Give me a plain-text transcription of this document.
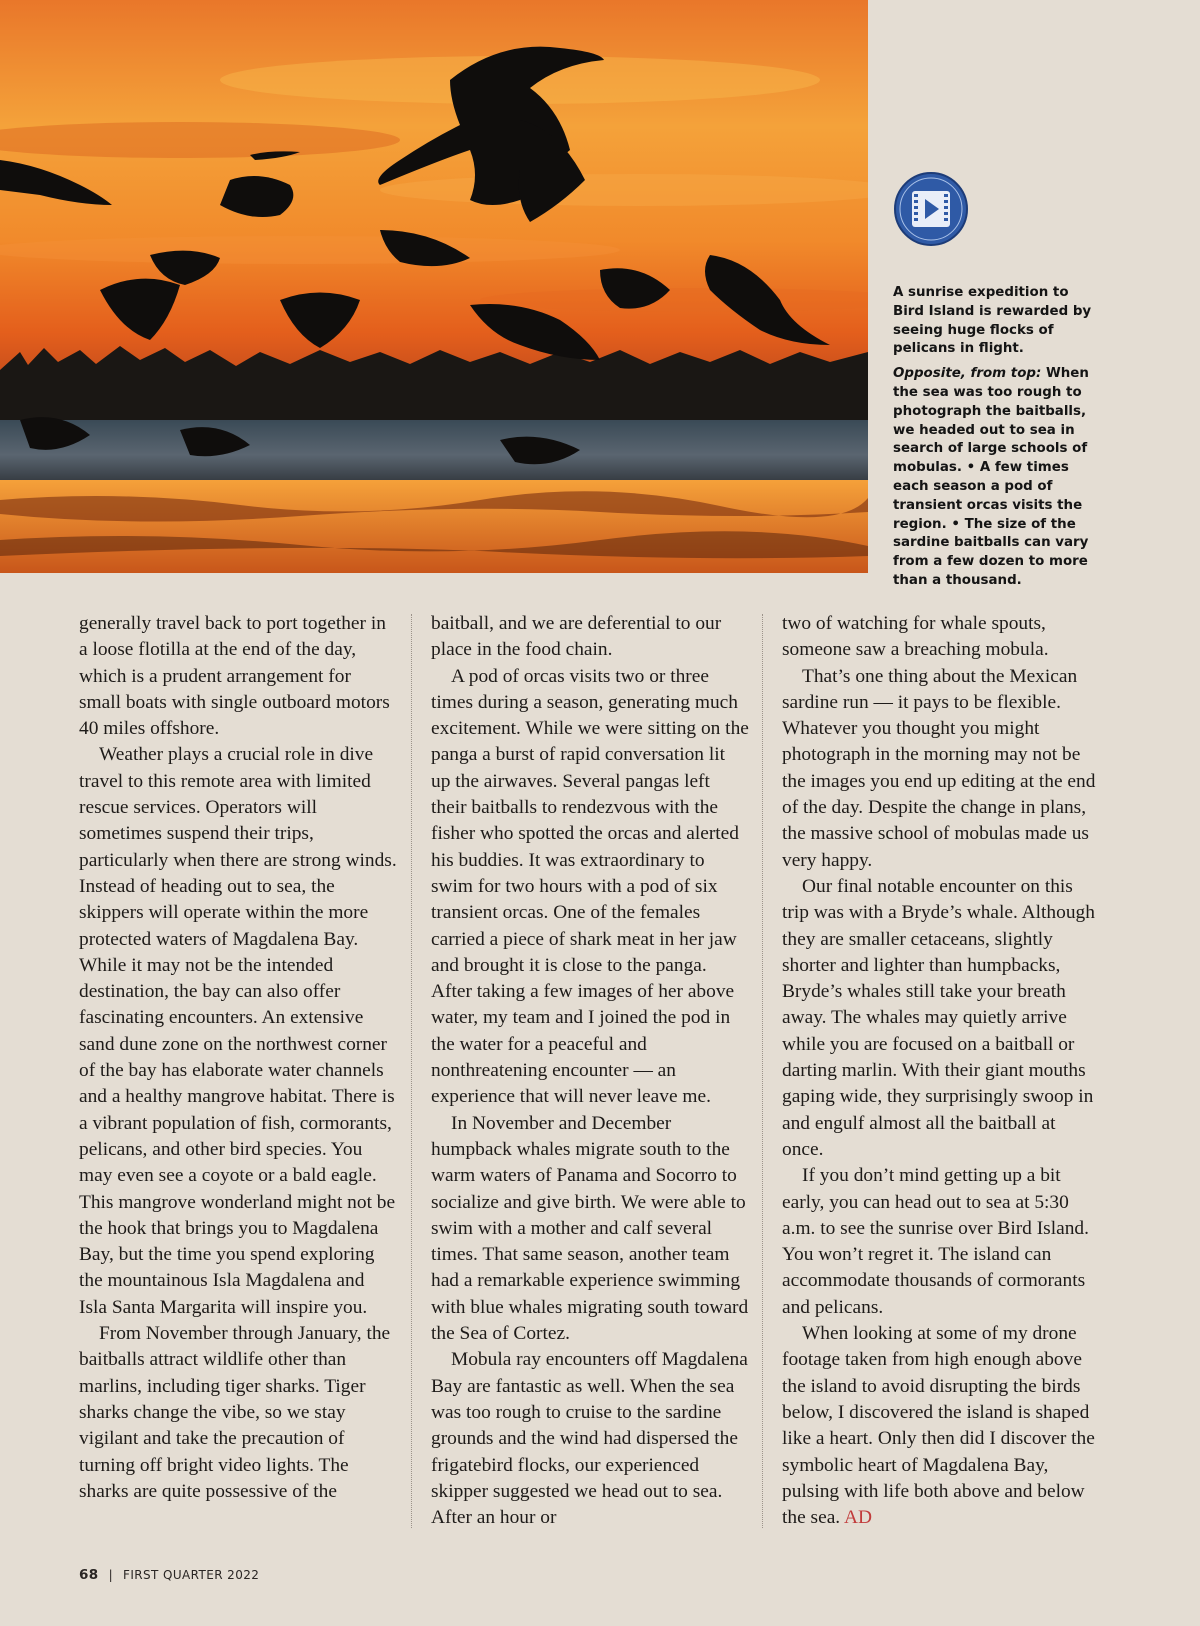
A sunrise expedition to Bird Island is rewarded by seeing huge flocks of pelicans in flight.

Opposite, from top: When the sea was too rough to photograph the baitballs, we headed out to sea in search of large schools of mobulas. • A few times each season a pod of transient orcas visits the region. • The size of the sardine baitballs can vary from a few dozen to more than a thousand.

generally travel back to port together in a loose flotilla at the end of the day, which is a prudent arrangement for small boats with single outboard motors 40 miles offshore.

Weather plays a crucial role in dive travel to this remote area with limited rescue services. Operators will sometimes suspend their trips, particularly when there are strong winds. Instead of heading out to sea, the skippers will operate within the more protected waters of Magdalena Bay. While it may not be the intended destination, the bay can also offer fascinating encounters. An extensive sand dune zone on the northwest corner of the bay has elaborate water channels and a healthy mangrove habitat. There is a vibrant population of fish, cormorants, pelicans, and other bird species. You may even see a coyote or a bald eagle. This mangrove wonderland might not be the hook that brings you to Magdalena Bay, but the time you spend exploring the mountainous Isla Magdalena and Isla Santa Margarita will inspire you.

From November through January, the baitballs attract wildlife other than marlins, including tiger sharks. Tiger sharks change the vibe, so we stay vigilant and take the precaution of turning off bright video lights. The sharks are quite possessive of the

baitball, and we are deferential to our place in the food chain.

A pod of orcas visits two or three times during a season, generating much excitement. While we were sitting on the panga a burst of rapid conversation lit up the airwaves. Several pangas left their baitballs to rendezvous with the fisher who spotted the orcas and alerted his buddies. It was extraordinary to swim for two hours with a pod of six transient orcas. One of the females carried a piece of shark meat in her jaw and brought it is close to the panga. After taking a few images of her above water, my team and I joined the pod in the water for a peaceful and nonthreatening encounter — an experience that will never leave me.

In November and December humpback whales migrate south to the warm waters of Panama and Socorro to socialize and give birth. We were able to swim with a mother and calf several times. That same season, another team had a remarkable experience swimming with blue whales migrating south toward the Sea of Cortez.

Mobula ray encounters off Magdalena Bay are fantastic as well. When the sea was too rough to cruise to the sardine grounds and the wind had dispersed the frigatebird flocks, our experienced skipper suggested we head out to sea. After an hour or

two of watching for whale spouts, someone saw a breaching mobula.

That’s one thing about the Mexican sardine run — it pays to be flexible. Whatever you thought you might photograph in the morning may not be the images you end up editing at the end of the day. Despite the change in plans, the massive school of mobulas made us very happy.

Our final notable encounter on this trip was with a Bryde’s whale. Although they are smaller cetaceans, slightly shorter and lighter than humpbacks, Bryde’s whales still take your breath away. The whales may quietly arrive while you are focused on a baitball or darting marlin. With their giant mouths gaping wide, they surprisingly swoop in and engulf almost all the baitball at once.

If you don’t mind getting up a bit early, you can head out to sea at 5:30 a.m. to see the sunrise over Bird Island. You won’t regret it. The island can accommodate thousands of cormorants and pelicans.

When looking at some of my drone footage taken from high enough above the island to avoid disrupting the birds below, I discovered the island is shaped like a heart. Only then did I discover the symbolic heart of Magdalena Bay, pulsing with life both above and below the sea. AD

68 | FIRST QUARTER 2022
